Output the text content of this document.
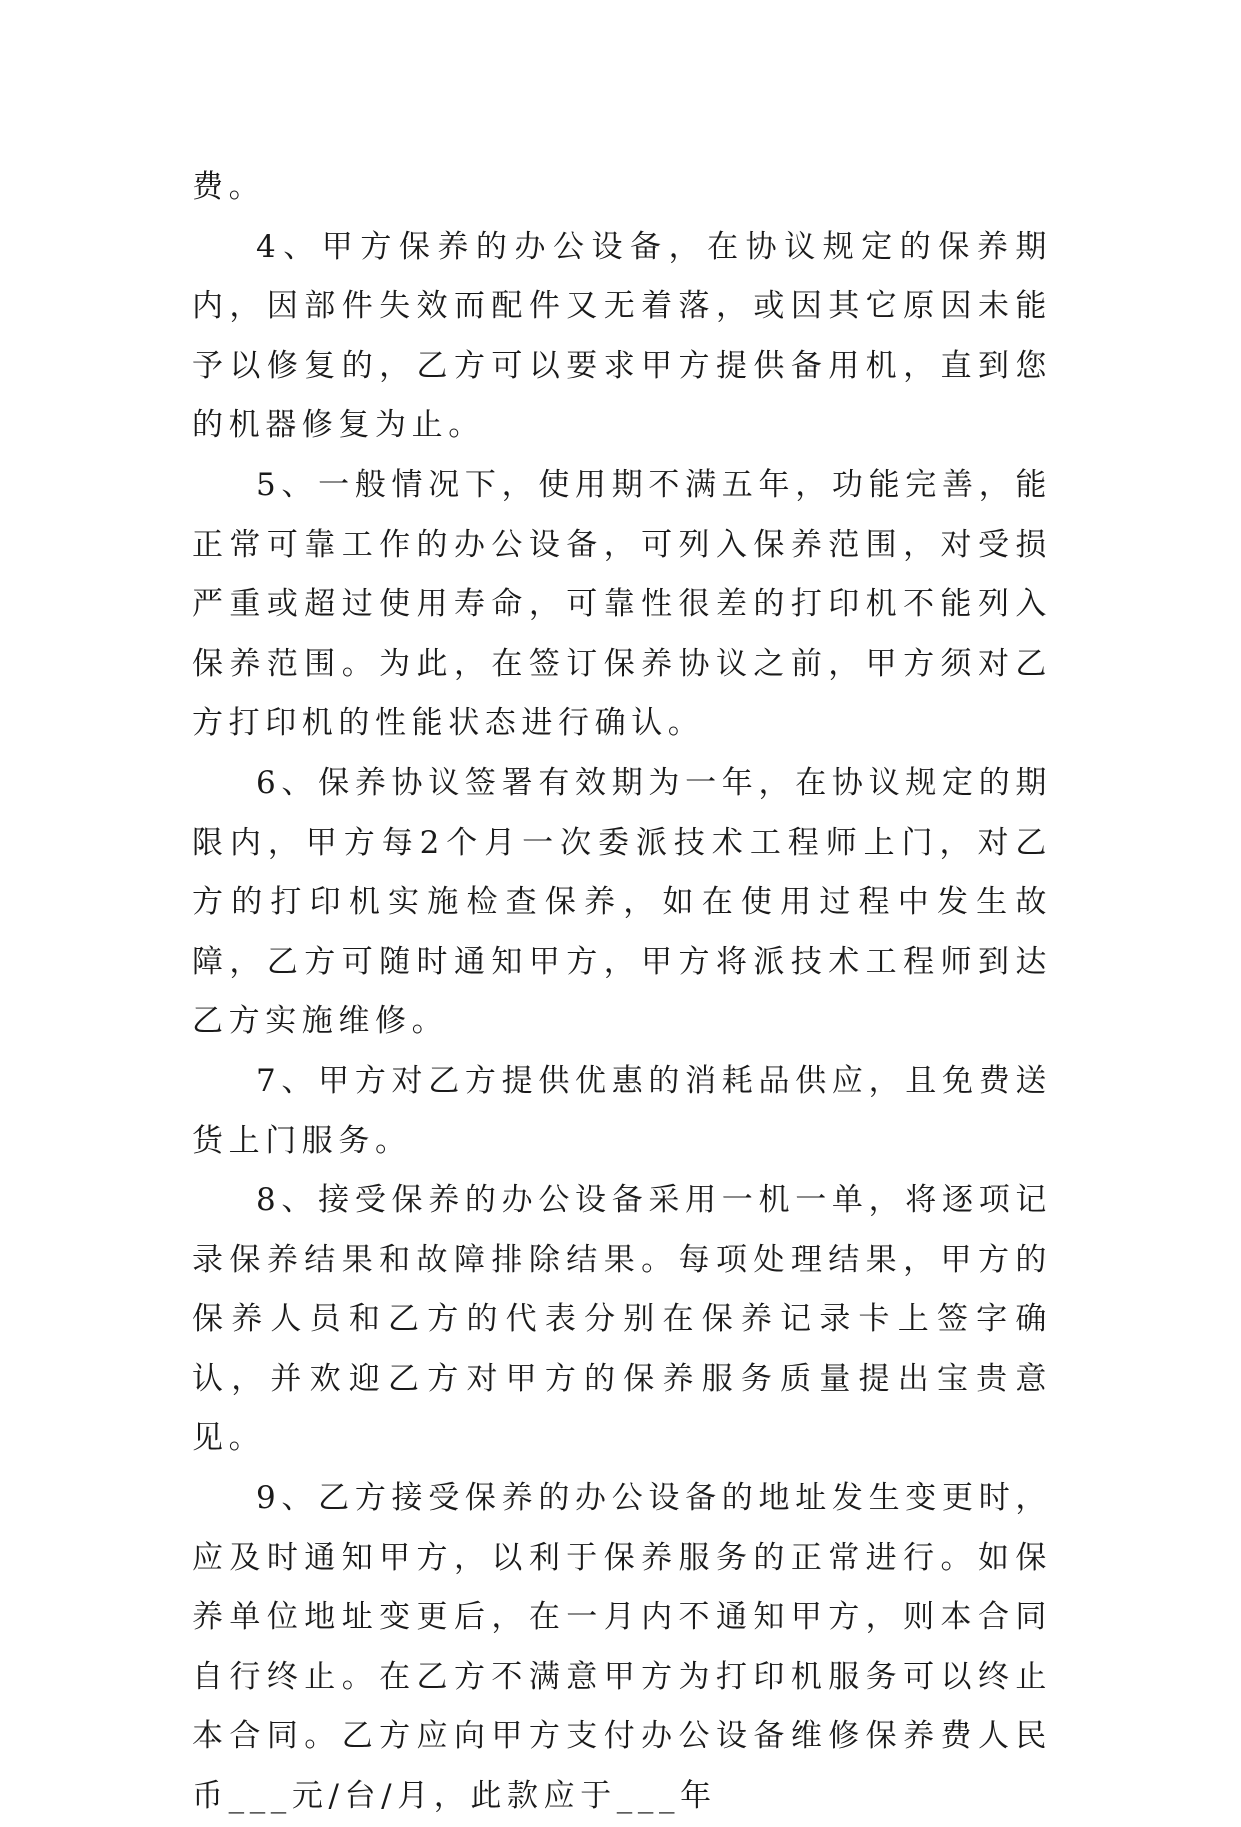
费。

4、甲方保养的办公设备，在协议规定的保养期内，因部件失效而配件又无着落，或因其它原因未能予以修复的，乙方可以要求甲方提供备用机，直到您的机器修复为止。

5、一般情况下，使用期不满五年，功能完善，能正常可靠工作的办公设备，可列入保养范围，对受损严重或超过使用寿命，可靠性很差的打印机不能列入保养范围。为此，在签订保养协议之前，甲方须对乙方打印机的性能状态进行确认。

6、保养协议签署有效期为一年，在协议规定的期限内，甲方每2个月一次委派技术工程师上门，对乙方的打印机实施检查保养，如在使用过程中发生故障，乙方可随时通知甲方，甲方将派技术工程师到达乙方实施维修。

7、甲方对乙方提供优惠的消耗品供应，且免费送货上门服务。

8、接受保养的办公设备采用一机一单，将逐项记录保养结果和故障排除结果。每项处理结果，甲方的保养人员和乙方的代表分别在保养记录卡上签字确认，并欢迎乙方对甲方的保养服务质量提出宝贵意见。

9、乙方接受保养的办公设备的地址发生变更时，应及时通知甲方，以利于保养服务的正常进行。如保养单位地址变更后，在一月内不通知甲方，则本合同自行终止。在乙方不满意甲方为打印机服务可以终止本合同。乙方应向甲方支付办公设备维修保养费人民币___元/台/月，此款应于___年
